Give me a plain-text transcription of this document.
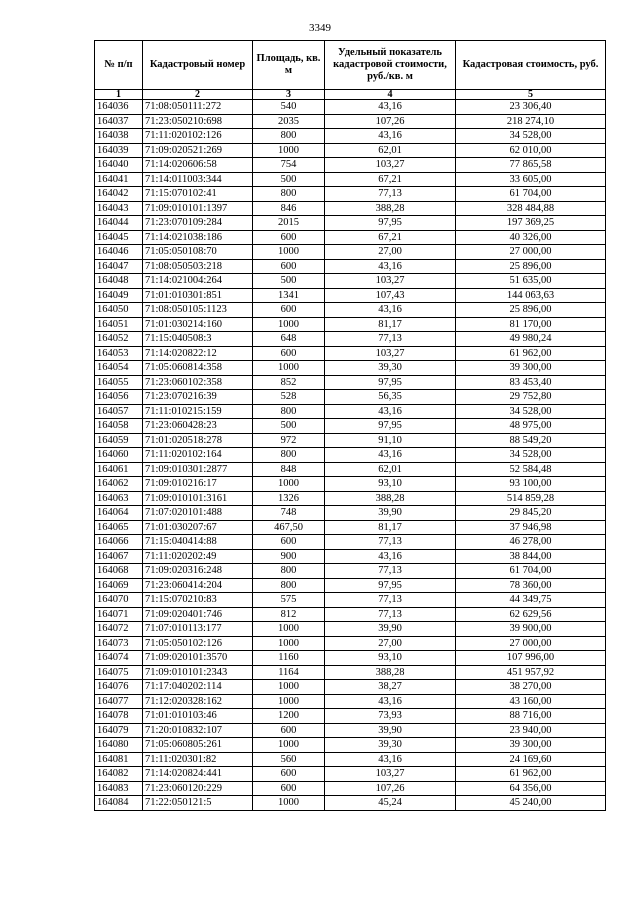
3349
№ п/п	Кадастровый номер	Площадь, кв. м	Удельный показатель кадастровой стоимости, руб./кв. м	Кадастровая стоимость, руб.
1	2	3	4	5
164036	71:08:050111:272	540	43,16	23 306,40
164037	71:23:050210:698	2035	107,26	218 274,10
164038	71:11:020102:126	800	43,16	34 528,00
164039	71:09:020521:269	1000	62,01	62 010,00
164040	71:14:020606:58	754	103,27	77 865,58
164041	71:14:011003:344	500	67,21	33 605,00
164042	71:15:070102:41	800	77,13	61 704,00
164043	71:09:010101:1397	846	388,28	328 484,88
164044	71:23:070109:284	2015	97,95	197 369,25
164045	71:14:021038:186	600	67,21	40 326,00
164046	71:05:050108:70	1000	27,00	27 000,00
164047	71:08:050503:218	600	43,16	25 896,00
164048	71:14:021004:264	500	103,27	51 635,00
164049	71:01:010301:851	1341	107,43	144 063,63
164050	71:08:050105:1123	600	43,16	25 896,00
164051	71:01:030214:160	1000	81,17	81 170,00
164052	71:15:040508:3	648	77,13	49 980,24
164053	71:14:020822:12	600	103,27	61 962,00
164054	71:05:060814:358	1000	39,30	39 300,00
164055	71:23:060102:358	852	97,95	83 453,40
164056	71:23:070216:39	528	56,35	29 752,80
164057	71:11:010215:159	800	43,16	34 528,00
164058	71:23:060428:23	500	97,95	48 975,00
164059	71:01:020518:278	972	91,10	88 549,20
164060	71:11:020102:164	800	43,16	34 528,00
164061	71:09:010301:2877	848	62,01	52 584,48
164062	71:09:010216:17	1000	93,10	93 100,00
164063	71:09:010101:3161	1326	388,28	514 859,28
164064	71:07:020101:488	748	39,90	29 845,20
164065	71:01:030207:67	467,50	81,17	37 946,98
164066	71:15:040414:88	600	77,13	46 278,00
164067	71:11:020202:49	900	43,16	38 844,00
164068	71:09:020316:248	800	77,13	61 704,00
164069	71:23:060414:204	800	97,95	78 360,00
164070	71:15:070210:83	575	77,13	44 349,75
164071	71:09:020401:746	812	77,13	62 629,56
164072	71:07:010113:177	1000	39,90	39 900,00
164073	71:05:050102:126	1000	27,00	27 000,00
164074	71:09:020101:3570	1160	93,10	107 996,00
164075	71:09:010101:2343	1164	388,28	451 957,92
164076	71:17:040202:114	1000	38,27	38 270,00
164077	71:12:020328:162	1000	43,16	43 160,00
164078	71:01:010103:46	1200	73,93	88 716,00
164079	71:20:010832:107	600	39,90	23 940,00
164080	71:05:060805:261	1000	39,30	39 300,00
164081	71:11:020301:82	560	43,16	24 169,60
164082	71:14:020824:441	600	103,27	61 962,00
164083	71:23:060120:229	600	107,26	64 356,00
164084	71:22:050121:5	1000	45,24	45 240,00
